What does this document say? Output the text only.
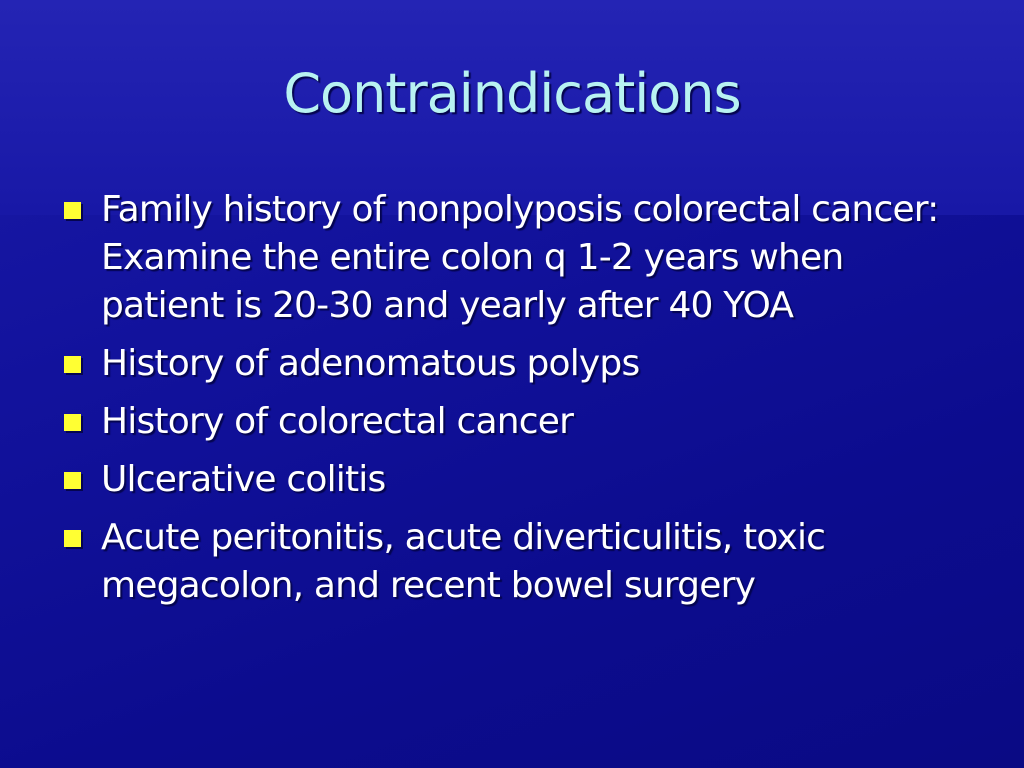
Contraindications
Family history of nonpolyposis colorectal cancer: Examine the entire colon q 1-2 years when patient is 20-30 and yearly after 40 YOA
History of adenomatous polyps
History of colorectal cancer
Ulcerative colitis
Acute peritonitis, acute diverticulitis, toxic megacolon, and recent bowel surgery
